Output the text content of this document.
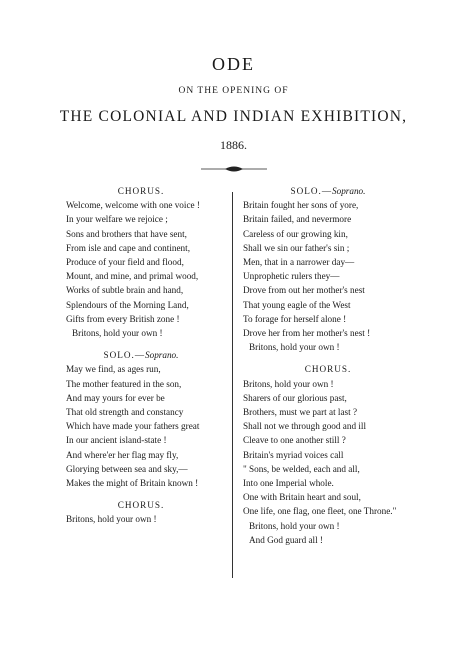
ODE
ON THE OPENING OF
THE COLONIAL AND INDIAN EXHIBITION,
1886.
CHORUS.
Welcome, welcome with one voice !
In your welfare we rejoice ;
Sons and brothers that have sent,
From isle and cape and continent,
Produce of your field and flood,
Mount, and mine, and primal wood,
Works of subtle brain and hand,
Splendours of the Morning Land,
Gifts from every British zone !
Britons, hold your own !
SOLO.—Soprano.
May we find, as ages run,
The mother featured in the son,
And may yours for ever be
That old strength and constancy
Which have made your fathers great
In our ancient island-state !
And where'er her flag may fly,
Glorying between sea and sky,—
Makes the might of Britain known !
CHORUS.
Britons, hold your own !
SOLO.—Soprano.
Britain fought her sons of yore,
Britain failed, and nevermore
Careless of our growing kin,
Shall we sin our father's sin ;
Men, that in a narrower day—
Unprophetic rulers they—
Drove from out her mother's nest
That young eagle of the West
To forage for herself alone !
Drove her from her mother's nest !
Britons, hold your own !
CHORUS.
Britons, hold your own !
Sharers of our glorious past,
Brothers, must we part at last ?
Shall not we through good and ill
Cleave to one another still ?
Britain's myriad voices call
" Sons, be welded, each and all,
Into one Imperial whole.
One with Britain heart and soul,
One life, one flag, one fleet, one Throne."
Britons, hold your own !
And God guard all !
